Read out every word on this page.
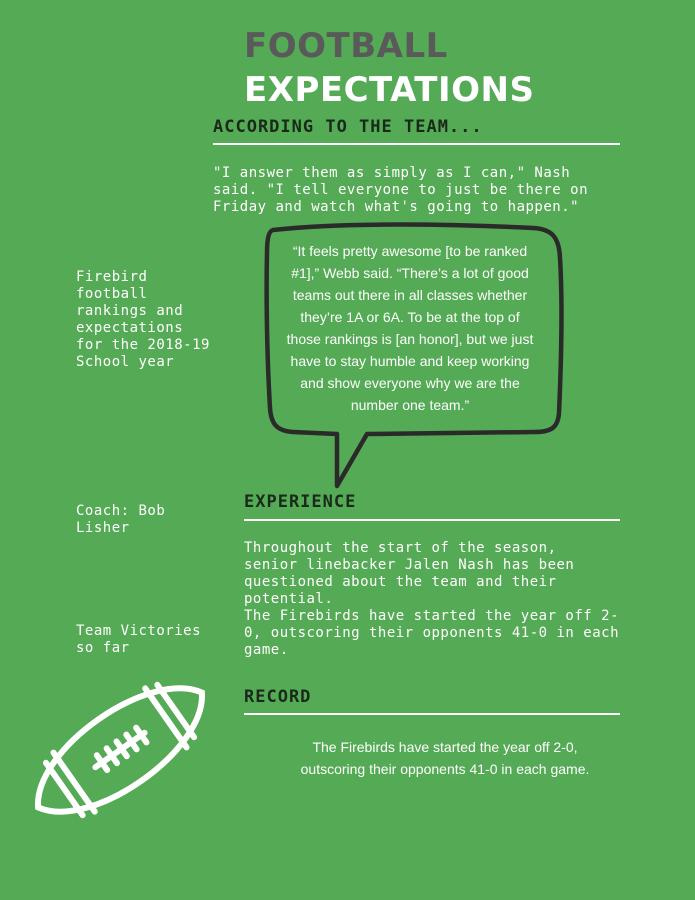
FOOTBALL
EXPECTATIONS
ACCORDING TO THE TEAM...
"I answer them as simply as I can," Nash said. "I tell everyone to just be there on Friday and watch what's going to happen."
Firebird football rankings and expectations for the 2018-19 School year
Coach: Bob Lisher
Team Victories so far
“It feels pretty awesome [to be ranked #1],” Webb said. “There’s a lot of good teams out there in all classes whether they’re 1A or 6A. To be at the top of those rankings is [an honor], but we just have to stay humble and keep working and show everyone why we are the number one team.”
EXPERIENCE
Throughout the start of the season, senior linebacker Jalen Nash has been questioned about the team and their potential.
The Firebirds have started the year off 2-0, outscoring their opponents 41-0 in each game.
RECORD
The Firebirds have started the year off 2-0, outscoring their opponents 41-0 in each game.
